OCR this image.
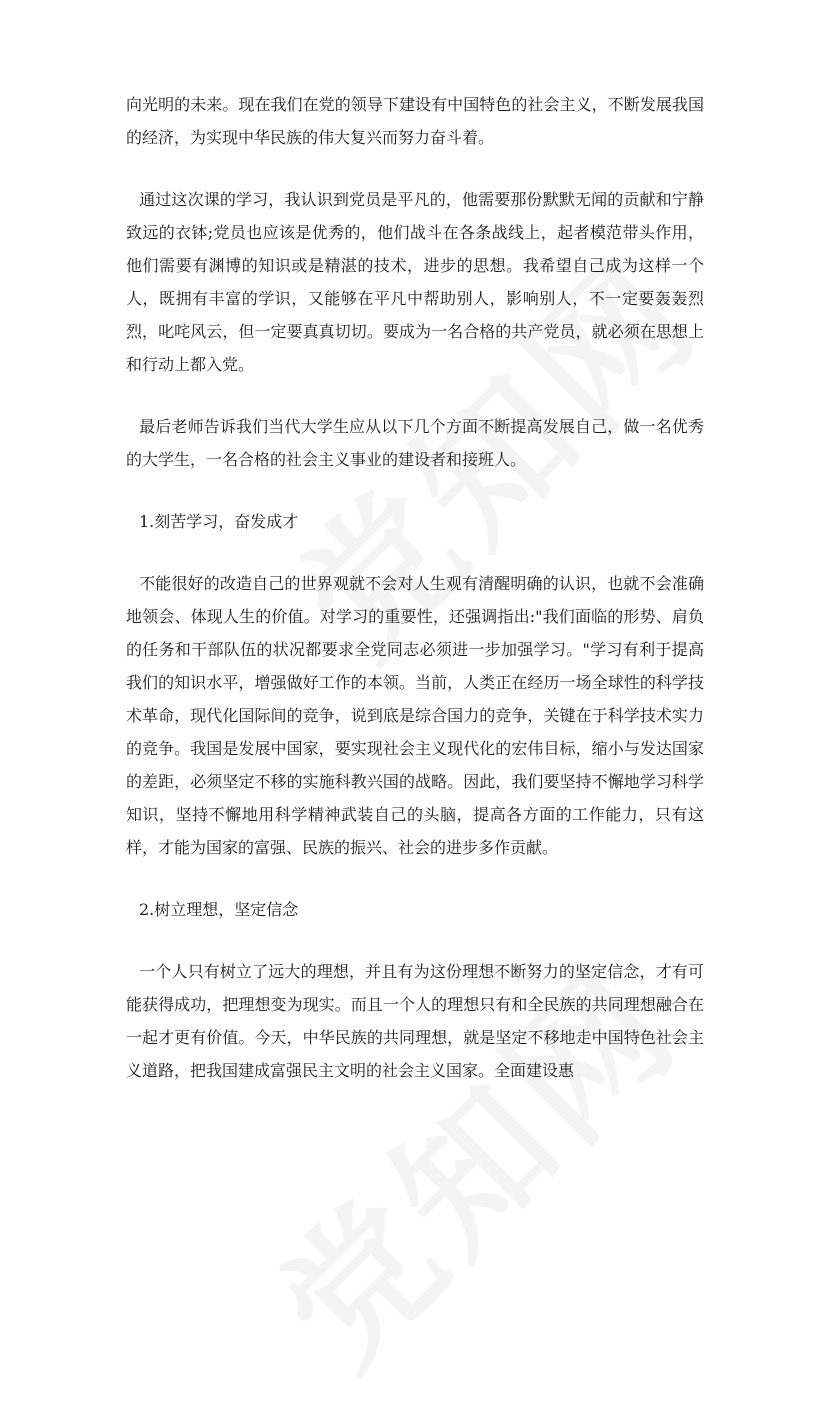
向光明的未来。现在我们在党的领导下建设有中国特色的社会主义，不断发展我国的经济，为实现中华民族的伟大复兴而努力奋斗着。

通过这次课的学习，我认识到党员是平凡的，他需要那份默默无闻的贡献和宁静致远的衣钵;党员也应该是优秀的，他们战斗在各条战线上，起者模范带头作用，他们需要有渊博的知识或是精湛的技术，进步的思想。我希望自己成为这样一个人，既拥有丰富的学识，又能够在平凡中帮助别人，影响别人，不一定要轰轰烈烈，叱咤风云，但一定要真真切切。要成为一名合格的共产党员，就必须在思想上和行动上都入党。

最后老师告诉我们当代大学生应从以下几个方面不断提高发展自己，做一名优秀的大学生，一名合格的社会主义事业的建设者和接班人。

1.刻苦学习，奋发成才

不能很好的改造自己的世界观就不会对人生观有清醒明确的认识，也就不会准确地领会、体现人生的价值。对学习的重要性，还强调指出:"我们面临的形势、肩负的任务和干部队伍的状况都要求全党同志必须进一步加强学习。"学习有利于提高我们的知识水平，增强做好工作的本领。当前，人类正在经历一场全球性的科学技术革命，现代化国际间的竞争，说到底是综合国力的竞争，关键在于科学技术实力的竞争。我国是发展中国家，要实现社会主义现代化的宏伟目标，缩小与发达国家的差距，必须坚定不移的实施科教兴国的战略。因此，我们要坚持不懈地学习科学知识，坚持不懈地用科学精神武装自己的头脑，提高各方面的工作能力，只有这样，才能为国家的富强、民族的振兴、社会的进步多作贡献。

2.树立理想，坚定信念

一个人只有树立了远大的理想，并且有为这份理想不断努力的坚定信念，才有可能获得成功，把理想变为现实。而且一个人的理想只有和全民族的共同理想融合在一起才更有价值。今天，中华民族的共同理想，就是坚定不移地走中国特色社会主义道路，把我国建成富强民主文明的社会主义国家。全面建设惠
